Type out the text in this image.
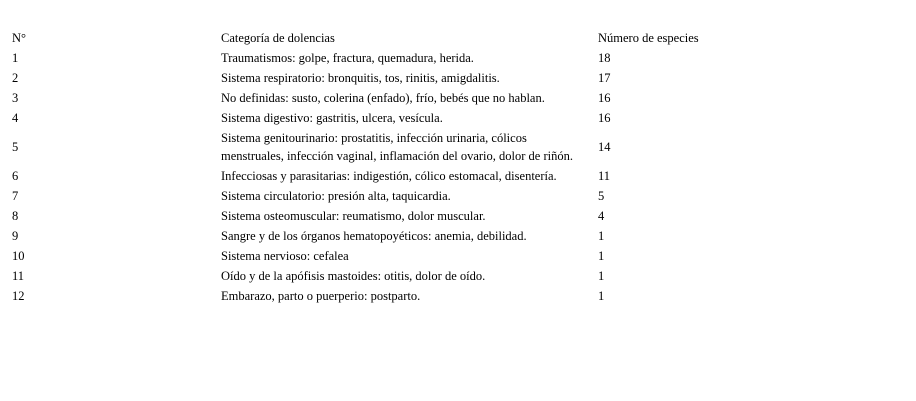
N°	Categoría de dolencias	Número de especies
1	Traumatismos: golpe, fractura, quemadura, herida.	18
2	Sistema respiratorio: bronquitis, tos, rinitis, amigdalitis.	17
3	No definidas: susto, colerina (enfado), frío, bebés que no hablan.	16
4	Sistema digestivo: gastritis, ulcera, vesícula.	16
5	Sistema genitourinario: prostatitis, infección urinaria, cólicos menstruales, infección vaginal, inflamación del ovario, dolor de riñón.	14
6	Infecciosas y parasitarias: indigestión, cólico estomacal, disentería.	11
7	Sistema circulatorio: presión alta, taquicardia.	5
8	Sistema osteomuscular: reumatismo, dolor muscular.	4
9	Sangre y de los órganos hematopoyéticos: anemia, debilidad.	1
10	Sistema nervioso: cefalea	1
11	Oído y de la apófisis mastoides: otitis, dolor de oído.	1
12	Embarazo, parto o puerperio: postparto.	1
